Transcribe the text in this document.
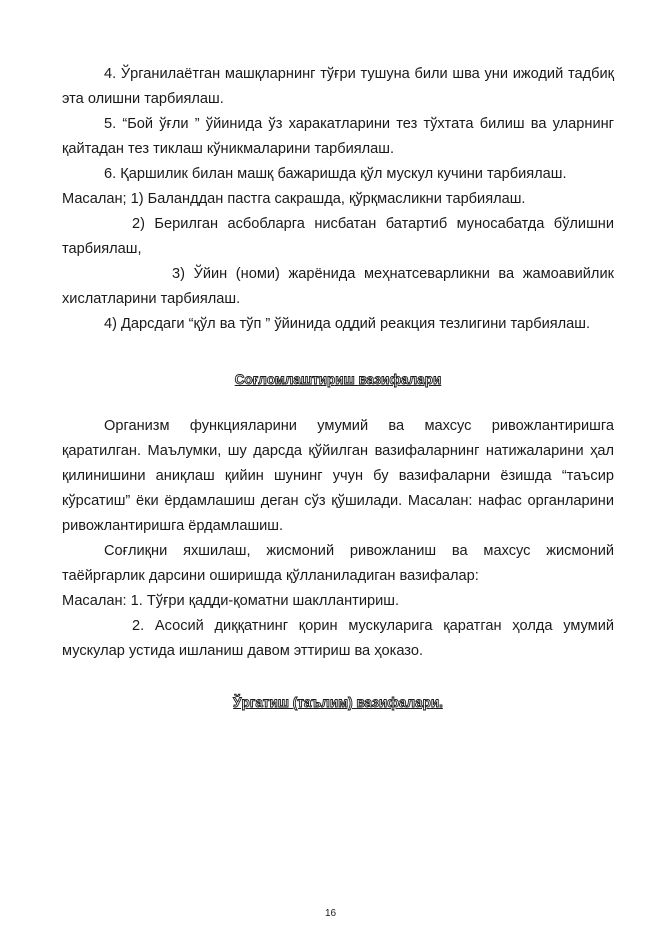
4. Ўрганилаётган машқларнинг тўғри тушуна били шва уни ижодий тадбиқ эта олишни тарбиялаш.

5. “Бой ўғли ” ўйинида ўз харакатларини тез тўхтата билиш ва уларнинг қайтадан тез тиклаш кўникмаларини тарбиялаш.

6. Қаршилик билан машқ бажаришда қўл мускул кучини тарбиялаш.

Масалан; 1) Баланддан пастга сакрашда, қўрқмасликни тарбиялаш.

2) Берилган асбобларга нисбатан батартиб муносабатда бўлишни тарбиялаш,

3) Ўйин (номи) жарёнида меҳнатсеварликни ва жамоавийлик хислатларини тарбиялаш.

4) Дарсдаги “қўл ва тўп ” ўйинида оддий реакция тезлигини тарбиялаш.

Соғломлаштириш вазифалари

Организм функцияларини умумий ва махсус ривожлантиришга қаратилган. Маълумки, шу дарсда қўйилган вазифаларнинг натижаларини ҳал қилинишини аниқлаш қийин шунинг учун бу вазифаларни ёзишда “таъсир кўрсатиш” ёки ёрдамлашиш деган сўз қўшилади. Масалан: нафас органларини ривожлантиришга ёрдамлашиш.

Соғлиқни яхшилаш, жисмоний ривожланиш ва махсус жисмоний таёйргарлик дарсини оширишда қўлланиладиган вазифалар:

Масалан: 1. Тўғри қадди-қоматни шакллантириш.

2. Асосий диққатнинг қорин мускуларига қаратган ҳолда умумий мускулар устида ишланиш давом эттириш ва ҳоказо.

Ўргатиш (таълим) вазифалари.

16
